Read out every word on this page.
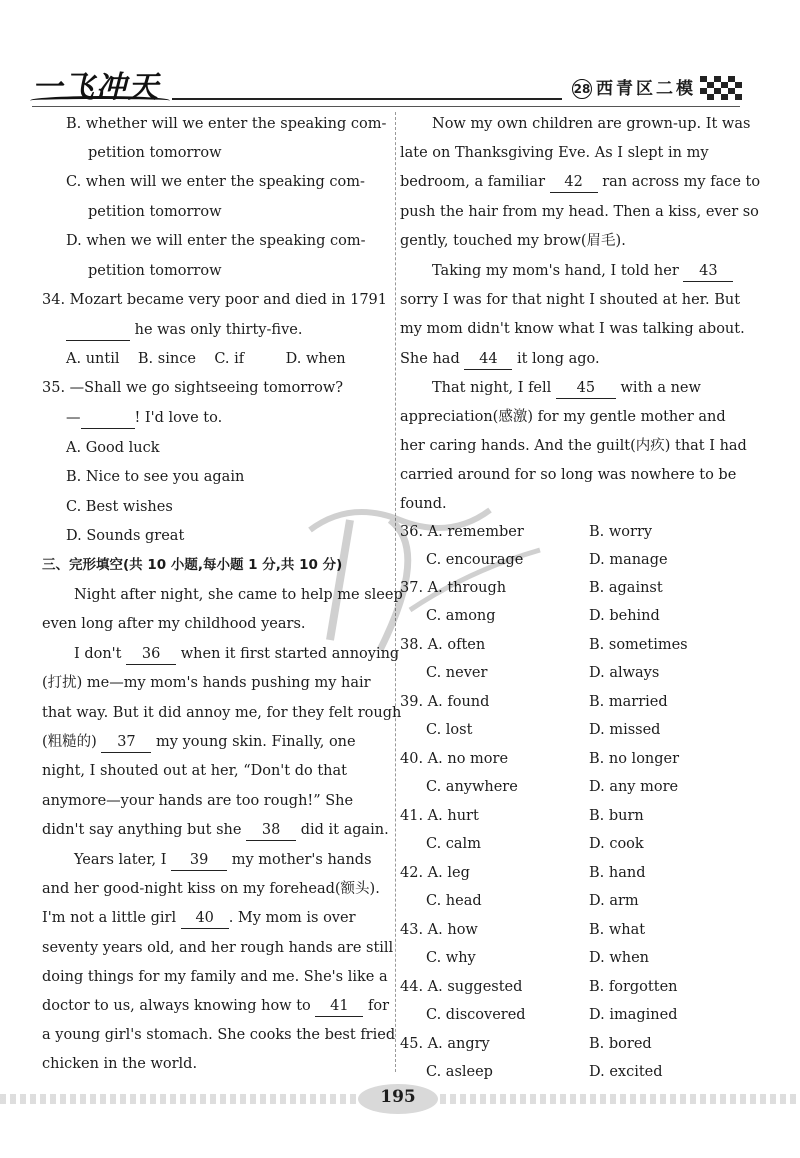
一飞冲天	28 西青区二模
B. whether will we enter the speaking com-
petition tomorrow
C. when will we enter the speaking com-
petition tomorrow
D. when we will enter the speaking com-
petition tomorrow
34. Mozart became very poor and died in 1791
he was only thirty-five.
A. until    B. since    C. if         D. when
35. —Shall we go sightseeing tomorrow?
—	! I'd love to.
A. Good luck
B. Nice to see you again
C. Best wishes
D. Sounds great
三、完形填空(共 10 小题,每小题 1 分,共 10 分)
Night after night, she came to help me sleep
even long after my childhood years.
I don't 36 when it first started annoying
(打扰) me—my mom's hands pushing my hair
that way. But it did annoy me, for they felt rough
(粗糙的) 37 my young skin. Finally, one
night, I shouted out at her, “Don't do that
anymore—your hands are too rough!” She
didn't say anything but she 38 did it again.
Years later, I 39 my mother's hands
and her good-night kiss on my forehead(额头).
I'm not a little girl 40 . My mom is over
seventy years old, and her rough hands are still
doing things for my family and me. She's like a
doctor to us, always knowing how to 41 for
a young girl's stomach. She cooks the best fried
chicken in the world.
Now my own children are grown-up. It was
late on Thanksgiving Eve. As I slept in my
bedroom, a familiar 42 ran across my face to
push the hair from my head. Then a kiss, ever so
gently, touched my brow(眉毛).
Taking my mom's hand, I told her 43
sorry I was for that night I shouted at her. But
my mom didn't know what I was talking about.
She had 44 it long ago.
That night, I fell 45 with a new
appreciation(感激) for my gentle mother and
her caring hands. And the guilt(内疚) that I had
carried around for so long was nowhere to be
found.
36. A. remember	B. worry
C. encourage	D. manage
37. A. through	B. against
C. among	D. behind
38. A. often	B. sometimes
C. never	D. always
39. A. found	B. married
C. lost	D. missed
40. A. no more	B. no longer
C. anywhere	D. any more
41. A. hurt	B. burn
C. calm	D. cook
42. A. leg	B. hand
C. head	D. arm
43. A. how	B. what
C. why	D. when
44. A. suggested	B. forgotten
C. discovered	D. imagined
45. A. angry	B. bored
C. asleep	D. excited
195
